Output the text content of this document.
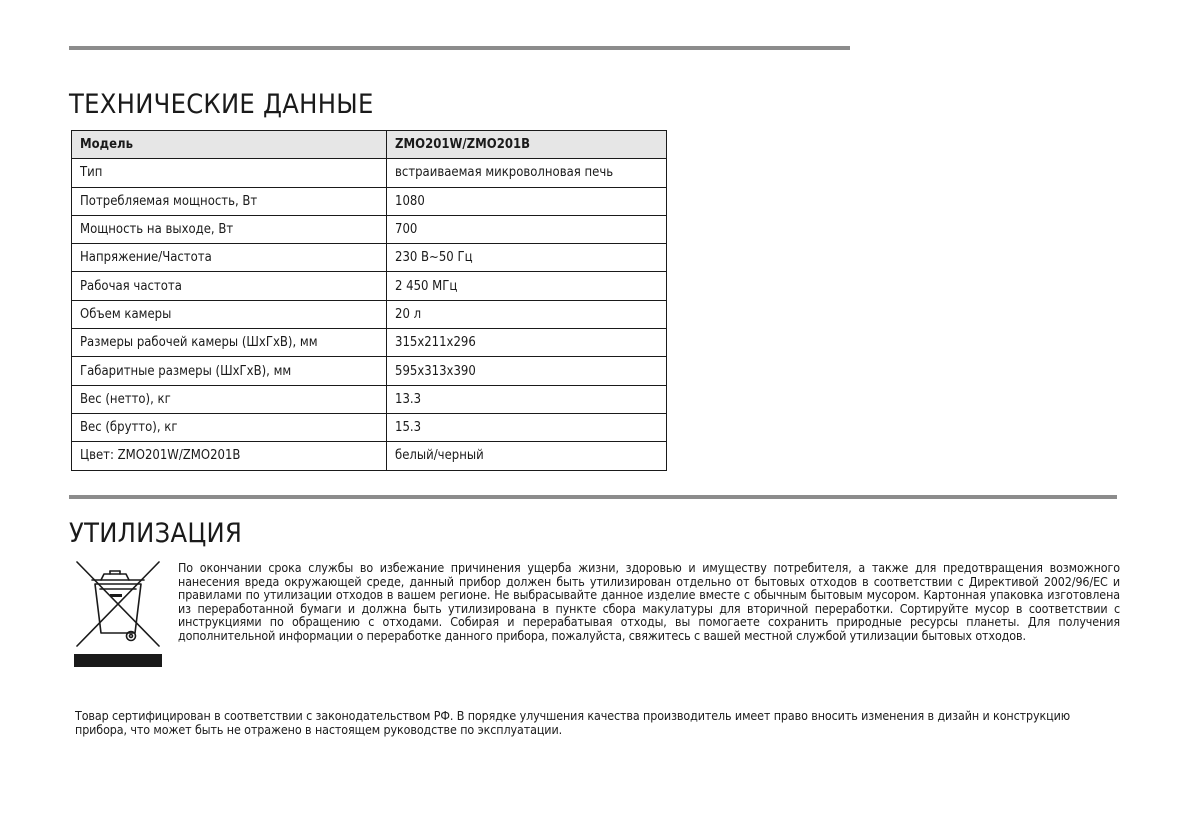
ТЕХНИЧЕСКИЕ ДАННЫЕ
Модель	ZMO201W/ZMO201B
Тип	встраиваемая микроволновая печь
Потребляемая мощность, Вт	1080
Мощность на выходе, Вт	700
Напряжение/Частота	230 В~50 Гц
Рабочая частота	2 450 МГц
Объем камеры	20 л
Размеры рабочей камеры (ШхГхВ), мм	315x211x296
Габаритные размеры (ШхГхВ), мм	595x313x390
Вес (нетто), кг	13.3
Вес (брутто), кг	15.3
Цвет: ZMO201W/ZMO201B	белый/черный
УТИЛИЗАЦИЯ

По окончании срока службы во избежание причинения ущерба жизни, здоровью и имуществу потребителя, а также для предотвращения возможного нанесения вреда окружающей среде, данный прибор должен быть утилизирован отдельно от бытовых отходов в соответствии с Директивой 2002/96/ЕС и правилами по утилизации отходов в вашем регионе. Не выбрасывайте данное изделие вместе с обычным бытовым мусором. Картонная упаковка изготовлена из переработанной бумаги и должна быть утилизирована в пункте сбора макулатуры для вторичной переработки. Сортируйте мусор в соответствии с инструкциями по обращению с отходами. Собирая и перерабатывая отходы, вы помогаете сохранить природные ресурсы планеты. Для получения дополнительной информации о переработке данного прибора, пожалуйста, свяжитесь с вашей местной службой утилизации бытовых отходов.

Товар сертифицирован в соответствии с законодательством РФ. В порядке улучшения качества производитель имеет право вносить изменения в дизайн и конструкцию прибора, что может быть не отражено в настоящем руководстве по эксплуатации.
